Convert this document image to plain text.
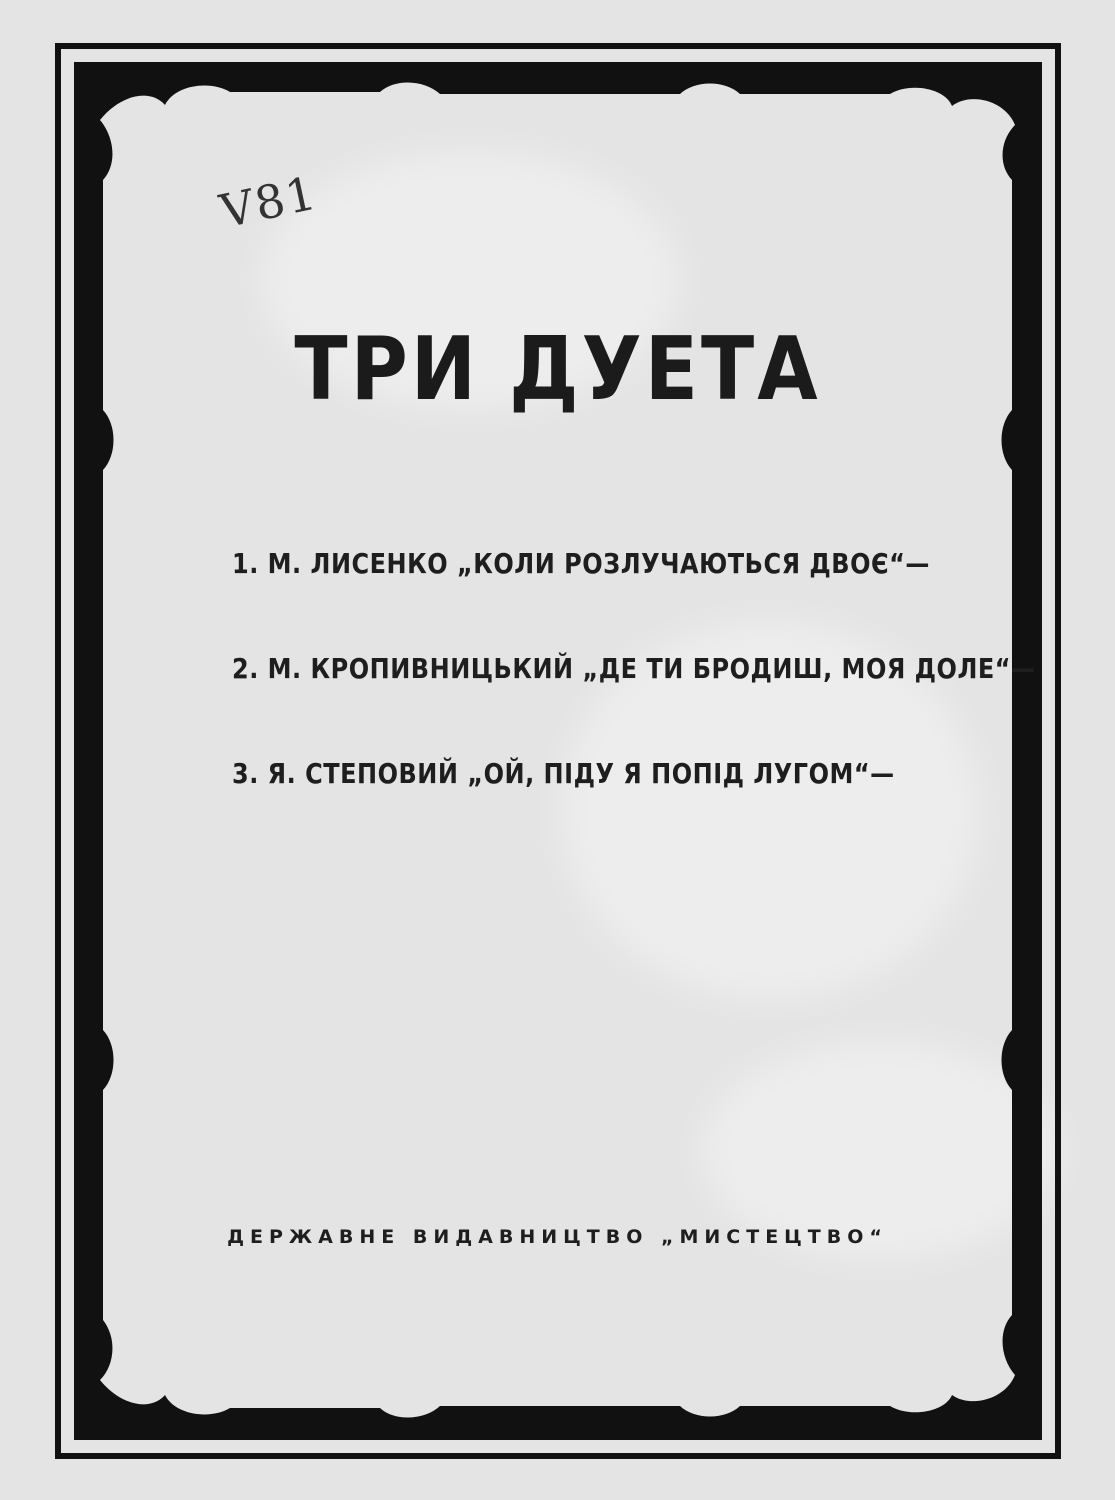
V81
ТРИ ДУЕТА
1. М. ЛИСЕНКО „КОЛИ РОЗЛУЧАЮТЬСЯ ДВОЄ“—
2. М. КРОПИВНИЦЬКИЙ „ДЕ ТИ БРОДИШ, МОЯ ДОЛЕ“—
3. Я. СТЕПОВИЙ „ОЙ, ПІДУ Я ПОПІД ЛУГОМ“—
ДЕРЖАВНЕ ВИДАВНИЦТВО „МИСТЕЦТВО“
